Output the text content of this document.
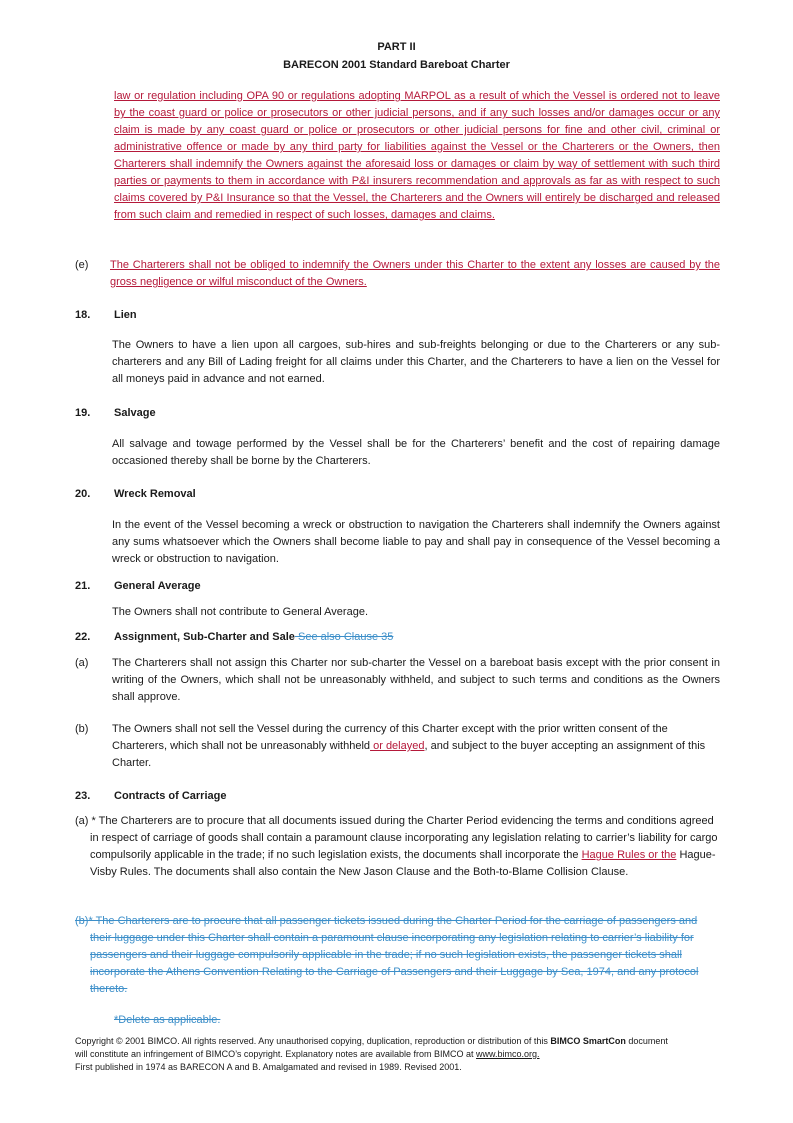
PART II
BARECON 2001 Standard Bareboat Charter
law or regulation including OPA 90 or regulations adopting MARPOL as a result of which the Vessel is ordered not to leave by the coast guard or police or prosecutors or other judicial persons, and if any such losses and/or damages occur or any claim is made by any coast guard or police or prosecutors or other judicial persons for fine and other civil, criminal or administrative offence or made by any third party for liabilities against the Vessel or the Charterers or the Owners, then Charterers shall indemnify the Owners against the aforesaid loss or damages or claim by way of settlement with such third parties or payments to them in accordance with P&I insurers recommendation and approvals as far as with respect to such claims covered by P&I Insurance so that the Vessel, the Charterers and the Owners will entirely be discharged and released from such claim and remedied in respect of such losses, damages and claims.
(e) The Charterers shall not be obliged to indemnify the Owners under this Charter to the extent any losses are caused by the gross negligence or wilful misconduct of the Owners.
18. Lien
The Owners to have a lien upon all cargoes, sub-hires and sub-freights belonging or due to the Charterers or any sub-charterers and any Bill of Lading freight for all claims under this Charter, and the Charterers to have a lien on the Vessel for all moneys paid in advance and not earned.
19. Salvage
All salvage and towage performed by the Vessel shall be for the Charterers’ benefit and the cost of repairing damage occasioned thereby shall be borne by the Charterers.
20. Wreck Removal
In the event of the Vessel becoming a wreck or obstruction to navigation the Charterers shall indemnify the Owners against any sums whatsoever which the Owners shall become liable to pay and shall pay in consequence of the Vessel becoming a wreck or obstruction to navigation.
21. General Average
The Owners shall not contribute to General Average.
22. Assignment, Sub-Charter and Sale See also Clause 35
(a) The Charterers shall not assign this Charter nor sub-charter the Vessel on a bareboat basis except with the prior consent in writing of the Owners, which shall not be unreasonably withheld, and subject to such terms and conditions as the Owners shall approve.
(b) The Owners shall not sell the Vessel during the currency of this Charter except with the prior written consent of the Charterers, which shall not be unreasonably withheld or delayed, and subject to the buyer accepting an assignment of this Charter.
23. Contracts of Carriage
(a) * The Charterers are to procure that all documents issued during the Charter Period evidencing the terms and conditions agreed in respect of carriage of goods shall contain a paramount clause incorporating any legislation relating to carrier’s liability for cargo compulsorily applicable in the trade; if no such legislation exists, the documents shall incorporate the Hague Rules or the Hague-Visby Rules. The documents shall also contain the New Jason Clause and the Both-to-Blame Collision Clause.
(b)* The Charterers are to procure that all passenger tickets issued during the Charter Period for the carriage of passengers and their luggage under this Charter shall contain a paramount clause incorporating any legislation relating to carrier’s liability for passengers and their luggage compulsorily applicable in the trade; if no such legislation exists, the passenger tickets shall incorporate the Athens Convention Relating to the Carriage of Passengers and their Luggage by Sea, 1974, and any protocol thereto.
*Delete as applicable.
Copyright © 2001 BIMCO. All rights reserved. Any unauthorised copying, duplication, reproduction or distribution of this BIMCO SmartCon document
will constitute an infringement of BIMCO’s copyright. Explanatory notes are available from BIMCO at www.bimco.org.
First published in 1974 as BARECON A and B. Amalgamated and revised in 1989. Revised 2001.
